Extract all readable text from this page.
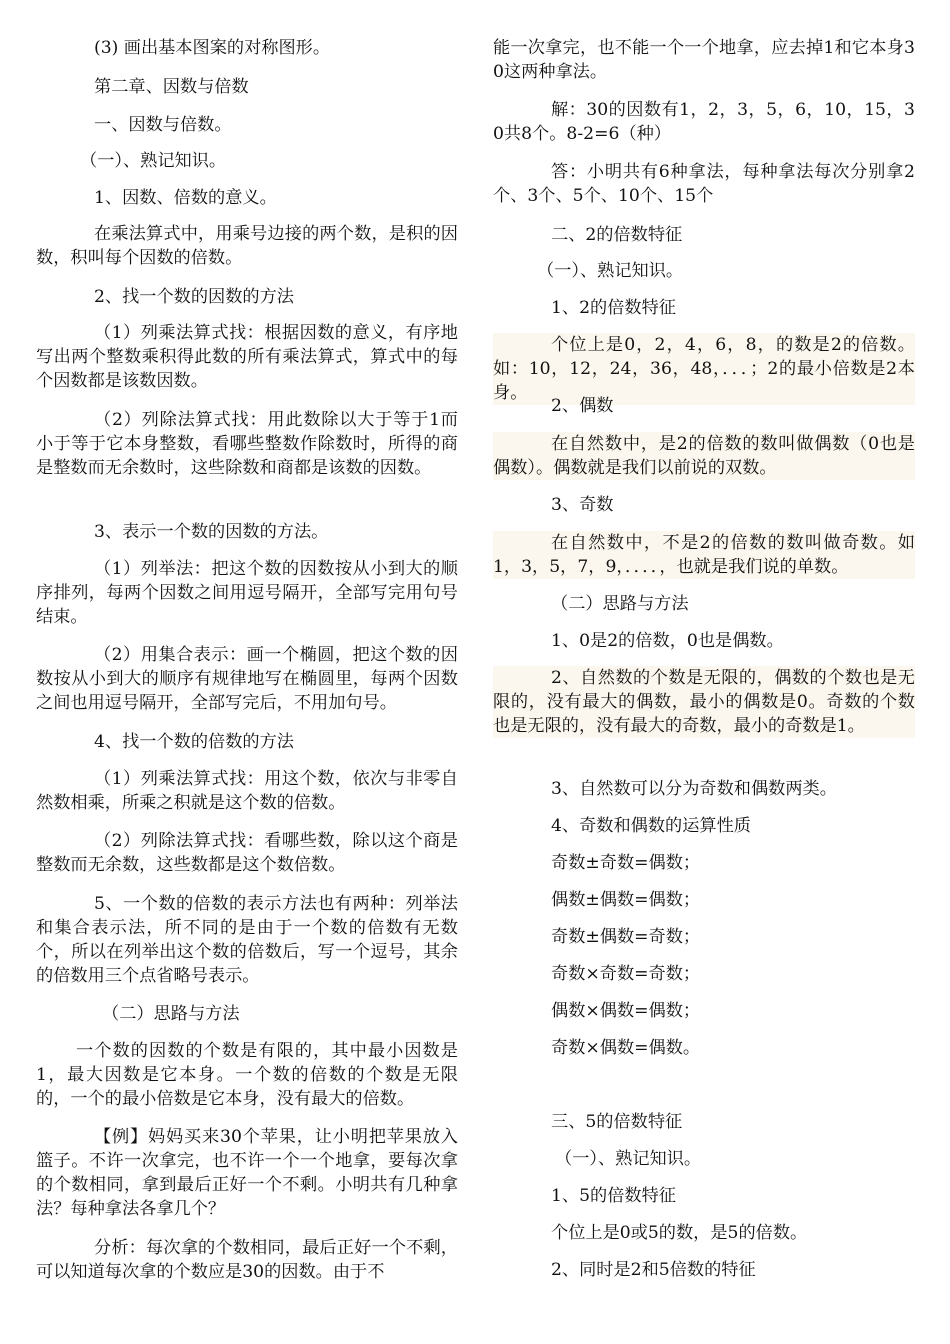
(3) 画出基本图案的对称图形。

第二章、因数与倍数

一、因数与倍数。

（一）、熟记知识。

1、因数、倍数的意义。

在乘法算式中，用乘号边接的两个数，是积的因数，积叫每个因数的倍数。

2、找一个数的因数的方法

（1）列乘法算式找：根据因数的意义，有序地写出两个整数乘积得此数的所有乘法算式，算式中的每个因数都是该数因数。

（2）列除法算式找：用此数除以大于等于1而小于等于它本身整数，看哪些整数作除数时，所得的商是整数而无余数时，这些除数和商都是该数的因数。

3、表示一个数的因数的方法。

（1）列举法：把这个数的因数按从小到大的顺序排列，每两个因数之间用逗号隔开，全部写完用句号结束。

（2）用集合表示：画一个椭圆，把这个数的因数按从小到大的顺序有规律地写在椭圆里，每两个因数之间也用逗号隔开，全部写完后，不用加句号。

4、找一个数的倍数的方法

（1）列乘法算式找：用这个数，依次与非零自然数相乘，所乘之积就是这个数的倍数。

（2）列除法算式找：看哪些数，除以这个商是整数而无余数，这些数都是这个数倍数。

5、一个数的倍数的表示方法也有两种：列举法和集合表示法，所不同的是由于一个数的倍数有无数个，所以在列举出这个数的倍数后，写一个逗号，其余的倍数用三个点省略号表示。

（二）思路与方法

一个数的因数的个数是有限的，其中最小因数是1，最大因数是它本身。一个数的倍数的个数是无限的，一个的最小倍数是它本身，没有最大的倍数。

【例】妈妈买来30个苹果，让小明把苹果放入篮子。不许一次拿完，也不许一个一个地拿，要每次拿的个数相同，拿到最后正好一个不剩。小明共有几种拿法？每种拿法各拿几个？

分析：每次拿的个数相同，最后正好一个不剩，可以知道每次拿的个数应是30的因数。由于不

能一次拿完，也不能一个一个地拿，应去掉1和它本身30这两种拿法。

解：30的因数有1，2，3，5，6，10，15，30共8个。8-2=6（种）

答：小明共有6种拿法，每种拿法每次分别拿2个、3个、5个、10个、15个

二、2的倍数特征

（一）、熟记知识。

1、2的倍数特征

个位上是0，2，4，6，8，的数是2的倍数。如：10，12，24，36，48，．．．；2的最小倍数是2本身。

2、偶数

在自然数中，是2的倍数的数叫做偶数（0也是偶数）。偶数就是我们以前说的双数。

3、奇数

在自然数中，不是2的倍数的数叫做奇数。如1，3，5，7，9，．．．．，也就是我们说的单数。

（二）思路与方法

1、0是2的倍数，0也是偶数。

2、自然数的个数是无限的，偶数的个数也是无限的，没有最大的偶数，最小的偶数是0。奇数的个数也是无限的，没有最大的奇数，最小的奇数是1。

3、自然数可以分为奇数和偶数两类。

4、奇数和偶数的运算性质

奇数±奇数=偶数；

偶数±偶数=偶数；

奇数±偶数=奇数；

奇数×奇数=奇数；

偶数×偶数=偶数；

奇数×偶数=偶数。

三、5的倍数特征

（一）、熟记知识。

1、5的倍数特征

个位上是0或5的数，是5的倍数。

2、同时是2和5倍数的特征
